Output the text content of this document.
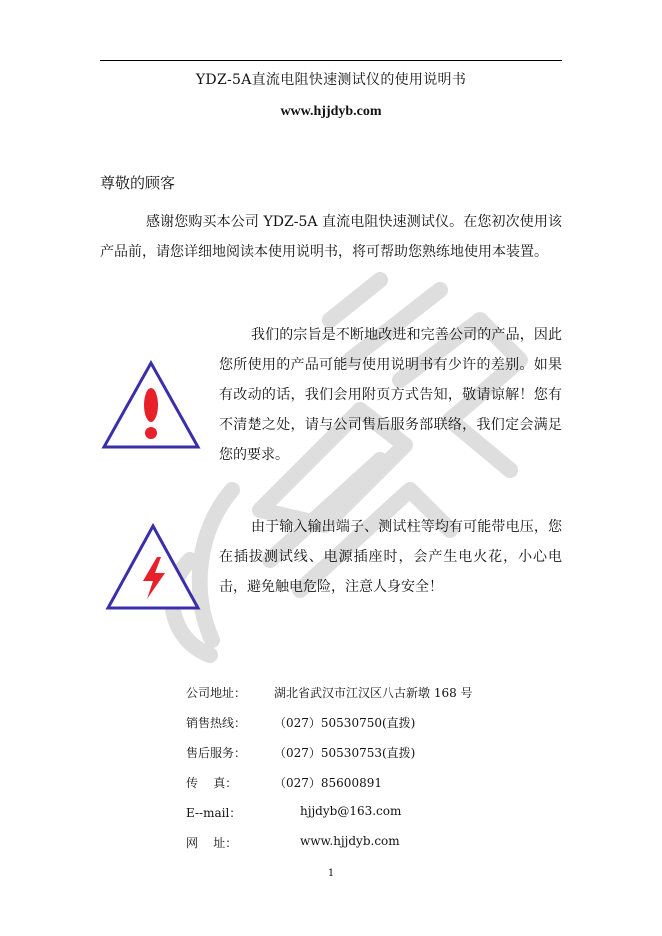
YDZ-5A直流电阻快速测试仪的使用说明书
www.hjjdyb.com
尊敬的顾客
感谢您购买本公司 YDZ-5A 直流电阻快速测试仪。在您初次使用该产品前，请您详细地阅读本使用说明书，将可帮助您熟练地使用本装置。
我们的宗旨是不断地改进和完善公司的产品，因此您所使用的产品可能与使用说明书有少许的差别。如果有改动的话，我们会用附页方式告知，敬请谅解！您有不清楚之处，请与公司售后服务部联络，我们定会满足您的要求。
由于输入输出端子、测试柱等均有可能带电压，您在插拔测试线、电源插座时，会产生电火花，小心电击，避免触电危险，注意人身安全！
公司地址： 湖北省武汉市江汉区八古新墩 168 号
销售热线： （027）50530750(直拨)
售后服务： （027）50530753(直拨)
传    真：	（027）85600891
E--mail：	hjjdyb@163.com
网    址：	www.hjjdyb.com
1
